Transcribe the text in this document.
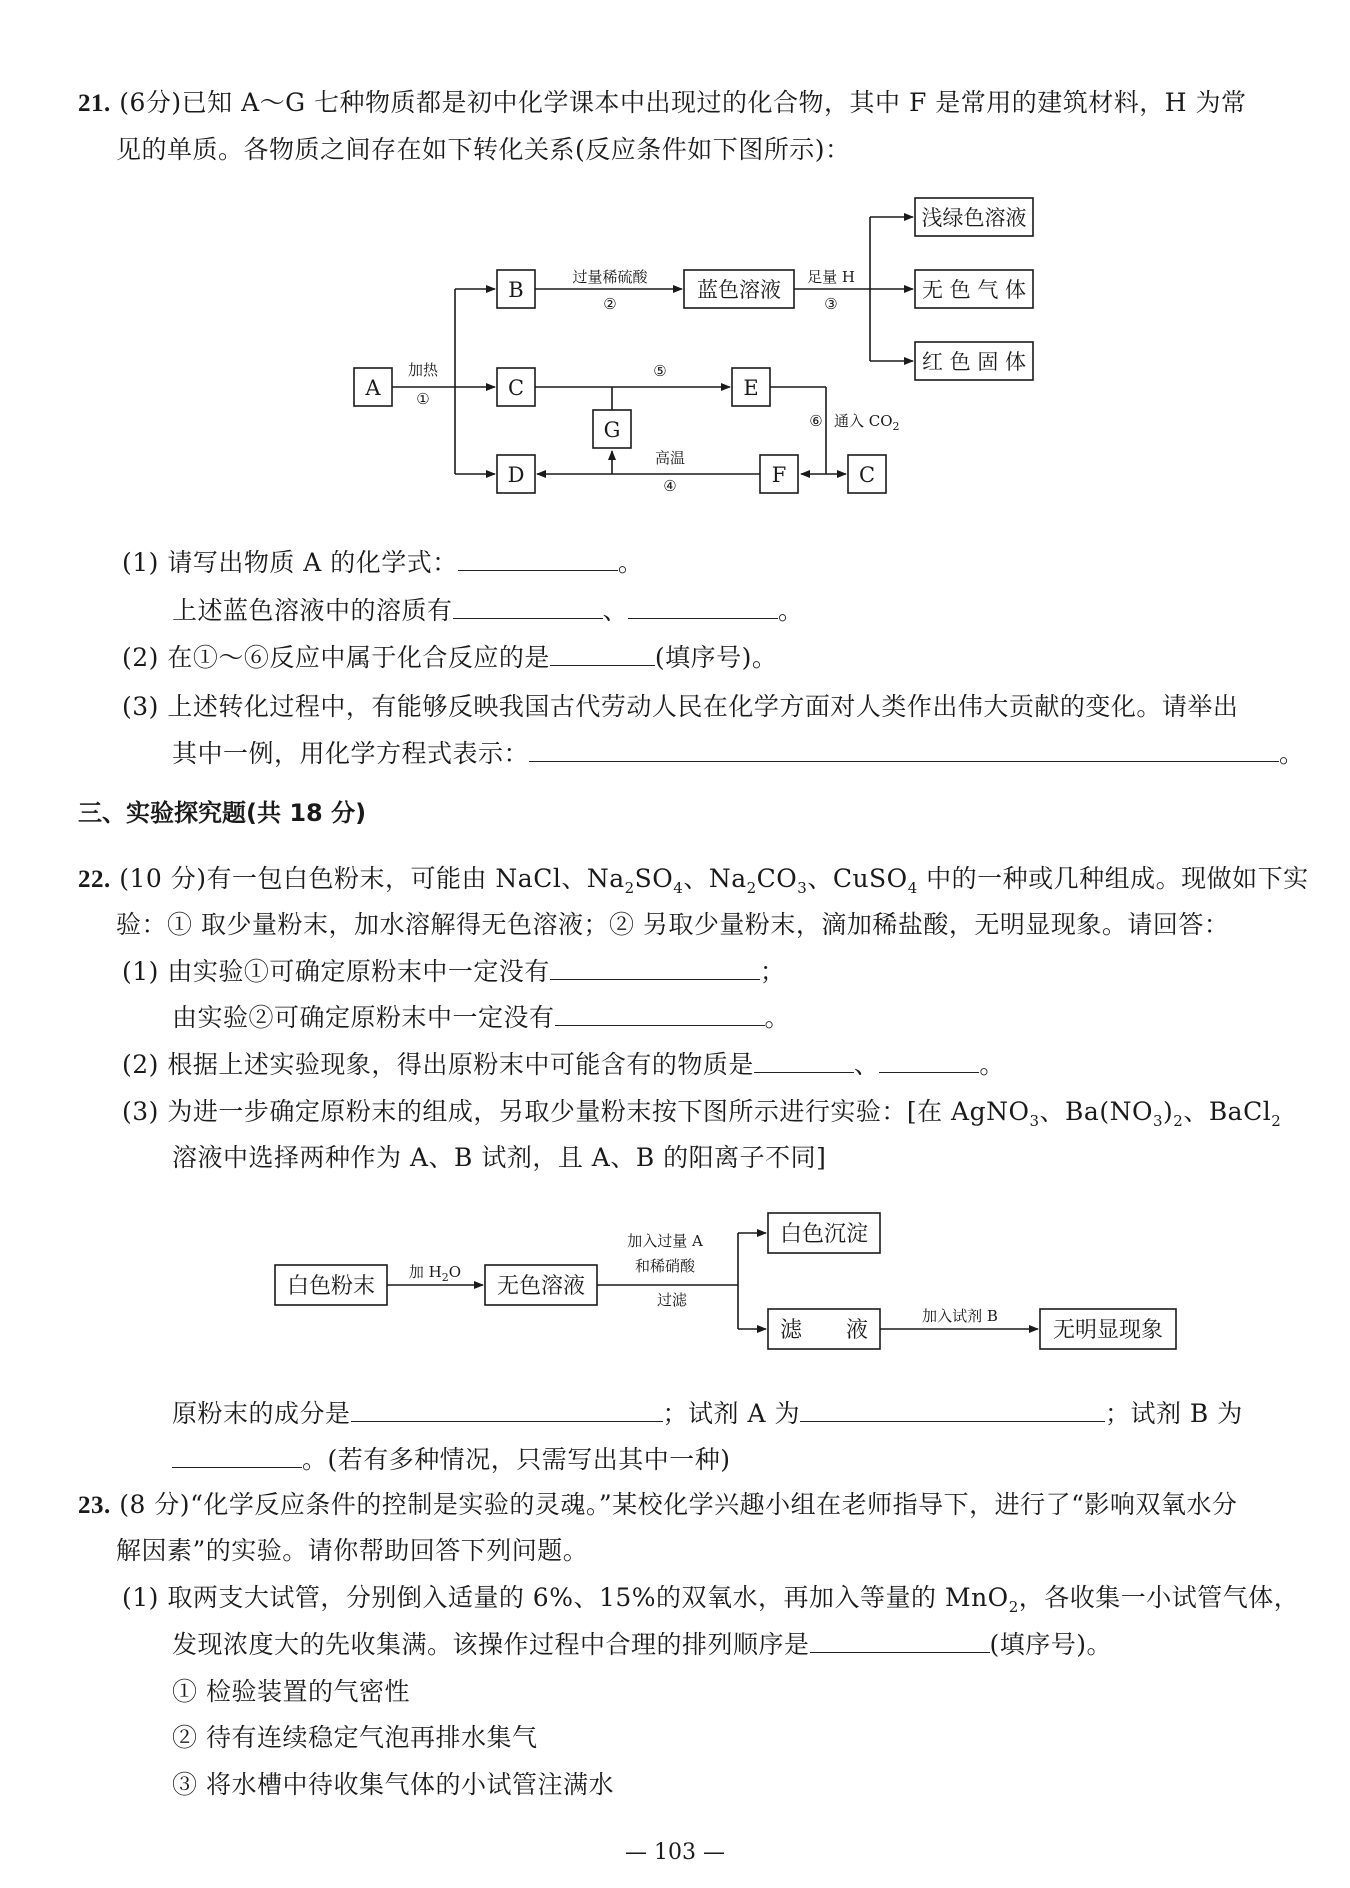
21. (6分)已知 A～G 七种物质都是初中化学课本中出现过的化合物，其中 F 是常用的建筑材料，H 为常
见的单质。各物质之间存在如下转化关系(反应条件如下图所示)：
A
B
C
D
蓝色溶液
E
G
F	C
浅绿色溶液
无 色 气 体
红 色 固 体
加热
①
过量稀硫酸
②
足量 H
③
⑤
⑥ 通入 $CO_2$
高温
④
(1) 请写出物质 A 的化学式：	。
上述蓝色溶液中的溶质有	、	。
(2) 在①～⑥反应中属于化合反应的是	(填序号)。
(3) 上述转化过程中，有能够反映我国古代劳动人民在化学方面对人类作出伟大贡献的变化。请举出
其中一例，用化学方程式表示：	。
三、实验探究题(共 18 分)
22. (10 分)有一包白色粉末，可能由 NaCl、$Na_2SO_4$、$Na_2CO_3$、CuSO$_4$ 中的一种或几种组成。现做如下实
验：① 取少量粉末，加水溶解得无色溶液；② 另取少量粉末，滴加稀盐酸，无明显现象。请回答：
(1) 由实验①可确定原粉末中一定没有	；
由实验②可确定原粉末中一定没有	。
(2) 根据上述实验现象，得出原粉末中可能含有的物质是	、	。
(3) 为进一步确定原粉末的组成，另取少量粉末按下图所示进行实验：[在 AgNO$_3$、$Ba(NO_3)_2$、BaCl$_2$
溶液中选择两种作为 A、B 试剂，且 A、B 的阳离子不同]
白色粉末	无色溶液
白色沉淀
滤　　液	无明显现象
加 $H_2O$
加入过量 A
和稀硝酸
过滤
加入试剂 B
原粉末的成分是	；试剂 A 为	；试剂 B 为
。(若有多种情况，只需写出其中一种)
23. (8 分)“化学反应条件的控制是实验的灵魂。”某校化学兴趣小组在老师指导下，进行了“影响双氧水分
解因素”的实验。请你帮助回答下列问题。
(1) 取两支大试管，分别倒入适量的 6%、15%的双氧水，再加入等量的 MnO$_2$，各收集一小试管气体，
发现浓度大的先收集满。该操作过程中合理的排列顺序是	(填序号)。
① 检验装置的气密性
② 待有连续稳定气泡再排水集气
③ 将水槽中待收集气体的小试管注满水
— 103 —
